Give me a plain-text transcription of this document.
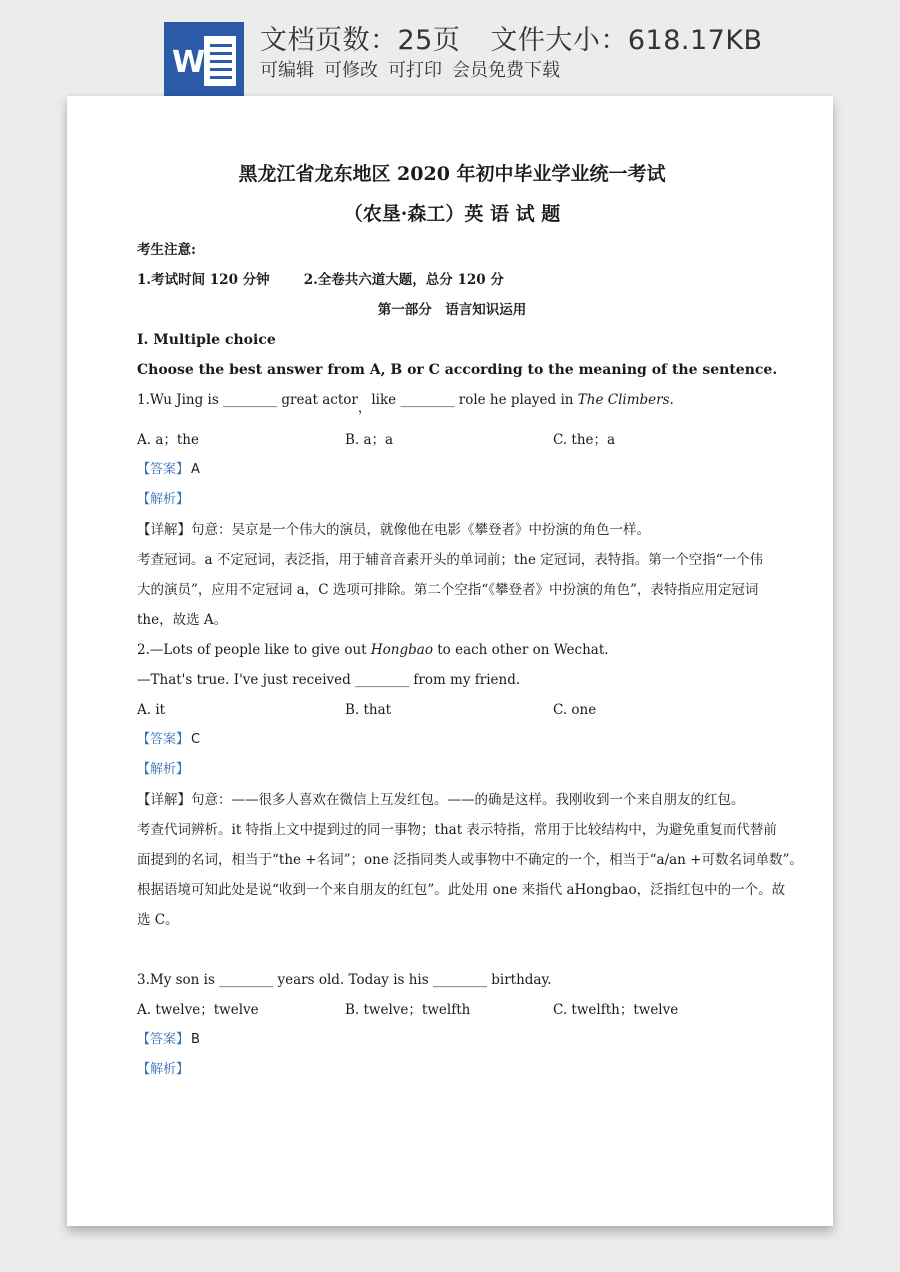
W
文档页数：25页 文件大小：618.17KB
可编辑 可修改 可打印 会员免费下载
黑龙江省龙东地区 2020 年初中毕业学业统一考试
（农垦·森工）英 语 试 题
考生注意:
1.考试时间 120 分钟	2.全卷共六道大题，总分 120 分
第一部分　语言知识运用
I. Multiple choice
Choose the best answer from A, B or C according to the meaning of the sentence.
1.Wu Jing is ________ great actor，like ________ role he played in The Climbers.
A. a；the	B. a；a	C. the；a
【答案】 A
【解析】
【详解】句意：吴京是一个伟大的演员，就像他在电影《攀登者》中扮演的角色一样。
考查冠词。a 不定冠词，表泛指，用于辅音音素开头的单词前；the 定冠词，表特指。第一个空指“一个伟
大的演员”，应用不定冠词 a，C 选项可排除。第二个空指“《攀登者》中扮演的角色”，表特指应用定冠词
the，故选 A。
2.—Lots of people like to give out Hongbao to each other on Wechat.
—That's true. I've just received ________ from my friend.
A. it	B. that	C. one
【答案】 C
【解析】
【详解】句意：——很多人喜欢在微信上互发红包。——的确是这样。我刚收到一个来自朋友的红包。
考查代词辨析。it 特指上文中提到过的同一事物；that 表示特指，常用于比较结构中，为避免重复而代替前
面提到的名词，相当于“the +名词”；one 泛指同类人或事物中不确定的一个，相当于“a/an +可数名词单数”。
根据语境可知此处是说“收到一个来自朋友的红包”。此处用 one 来指代 aHongbao，泛指红包中的一个。故
选 C。
3.My son is ________ years old. Today is his ________ birthday.
A. twelve；twelve	B. twelve；twelfth	C. twelfth；twelve
【答案】 B
【解析】
